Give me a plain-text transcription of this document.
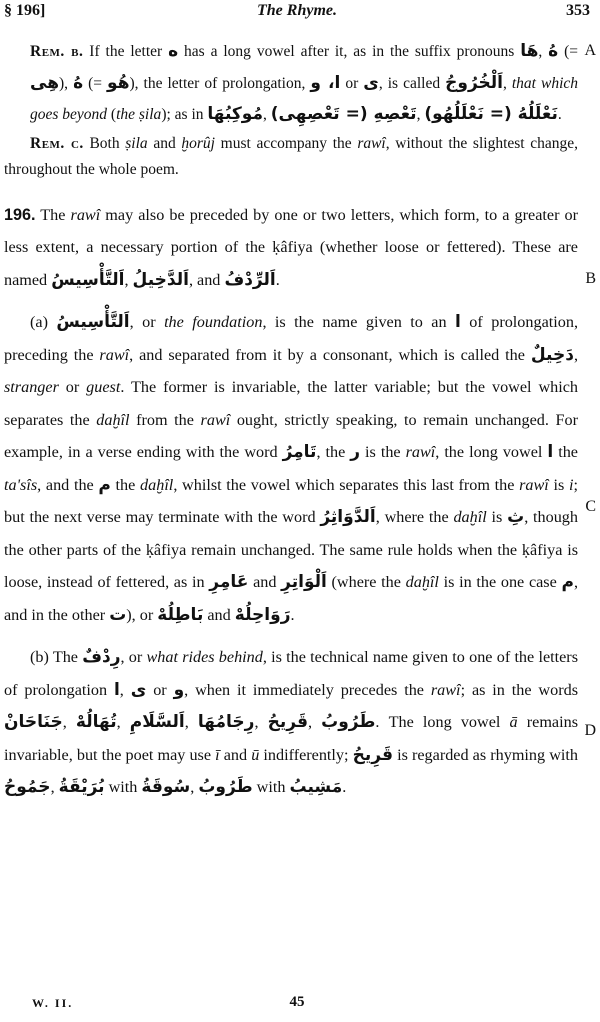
§ 196]	The Rhyme.	353
A
B
C
D

Rem. b. If the letter ه has a long vowel after it, as in the suffix pronouns هَا, هُ (= هِى), هُ (= هُو), the letter of prolongation, ا، و or ى, is called اَلْخُرُوجُ, that which goes beyond (the ṣila); as in مُوكِبُهَا, تَعْصِهِ (= تَعْصِهِى), نَعْلَلُهُ (= نَعْلَلُهُو).

Rem. c. Both ṣila and ḫorûj must accompany the rawî, without the slightest change, throughout the whole poem.

196. The rawî may also be preceded by one or two letters, which form, to a greater or less extent, a necessary portion of the ḳâfiya (whether loose or fettered). These are named اَلتَّأْسِيسُ, اَلدَّخِيلُ, and اَلرِّدْفُ.

(a) اَلتَّأْسِيسُ, or the foundation, is the name given to an ا of prolongation, preceding the rawî, and separated from it by a consonant, which is called the دَخِيلٌ, stranger or guest. The former is invariable, the latter variable; but the vowel which separates the daḫîl from the rawî ought, strictly speaking, to remain unchanged. For example, in a verse ending with the word تَامِرُ, the ر is the rawî, the long vowel ا the ta'sîs, and the م the daḫîl, whilst the vowel which separates this last from the rawî is i; but the next verse may terminate with the word اَلدَّوَاثِرُ, where the daḫîl is ثِ, though the other parts of the ḳâfiya remain unchanged. The same rule holds when the ḳâfiya is loose, instead of fettered, as in عَامِرِ and اَلْوَاتِرِ (where the daḫîl is in the one case م, and in the other ت), or بَاطِلُهْ and رَوَاحِلُهْ.

(b) The رِدْفٌ, or what rides behind, is the technical name given to one of the letters of prolongation ا, ى or و, when it immediately precedes the rawî; as in the words جَنَاحَانْ, تُهَالُهْ, اَلسَّلَامِ, رِجَامُهَا, قَرِيحُ, طَرُوبُ. The long vowel ā remains invariable, but the poet may use ī and ū indifferently; قَرِيحُ is regarded as rhyming with جَمُوحُ, بُرَيْقَةُ with سُوقَةُ, طَرُوبُ with مَشِيبُ.

W. II.	45
